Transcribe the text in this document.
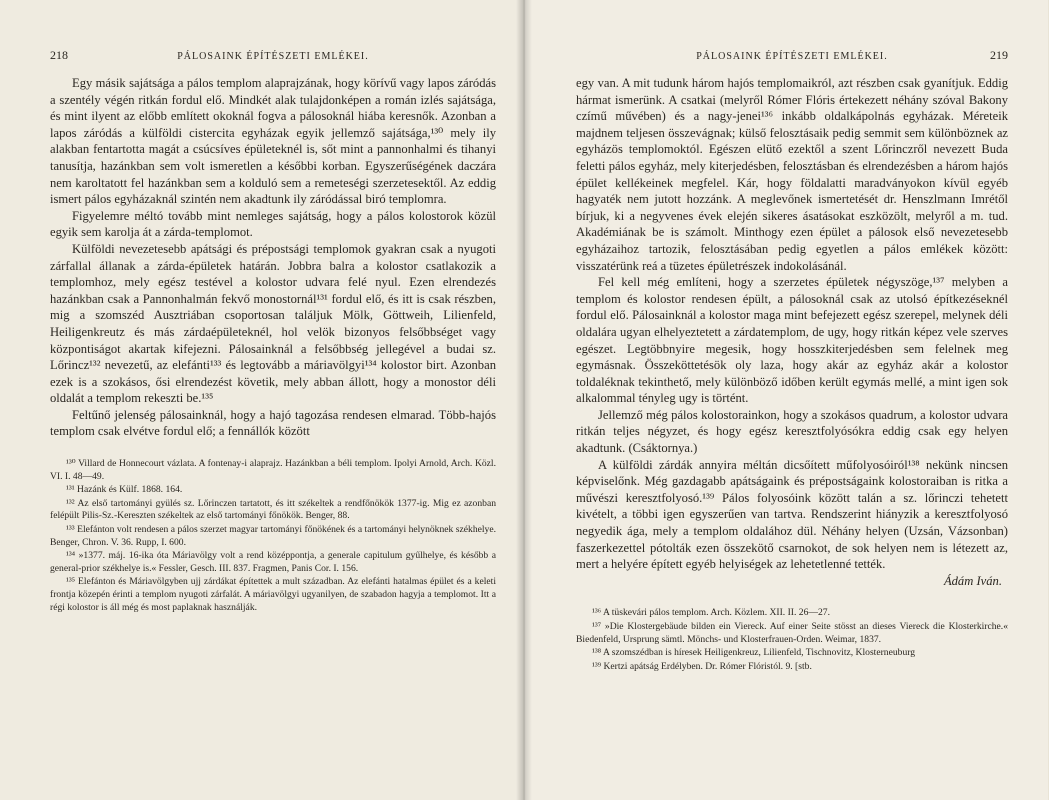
218	PÁLOSAINK ÉPÍTÉSZETI EMLÉKEI.

Egy másik sajátsága a pálos templom alaprajzának, hogy körívű vagy lapos záródás a szentély végén ritkán fordul elő. Mindkét alak tulajdonképen a román izlés sajátsága, és mint ilyent az előbb említett okoknál fogva a pálosoknál hiába keresnők. Azonban a lapos záródás a külföldi cistercita egyházak egyik jellemző sajátsága,¹³⁰ mely ily alakban fentartotta magát a csúcsíves épületeknél is, sőt mint a pannonhalmi és tihanyi tanusítja, hazánkban sem volt ismeretlen a későbbi korban. Egyszerűségének daczára nem karoltatott fel hazánkban sem a kolduló sem a remeteségi szerzetesektől. Az eddig ismert pálos egyházaknál szintén nem akadtunk ily záródással biró templomra.

Figyelemre méltó tovább mint nemleges sajátság, hogy a pálos kolostorok közül egyik sem karolja át a zárda-templomot.

Külföldi nevezetesebb apátsági és prépostsági templomok gyakran csak a nyugoti zárfallal állanak a zárda-épületek határán. Jobbra balra a kolostor csatlakozik a templomhoz, mely egész testével a kolostor udvara felé nyul. Ezen elrendezés hazánkban csak a Pannonhalmán fekvő monostornál¹³¹ fordul elő, és itt is csak részben, mig a szomszéd Ausztriában csoportosan találjuk Mölk, Göttweih, Lilienfeld, Heiligenkreutz és más zárdaépületeknél, hol velök bizonyos felsőbbséget vagy központiságot akartak kifejezni. Pálosainknál a felsőbbség jellegével a budai sz. Lőrincz¹³² nevezetű, az elefánti¹³³ és legtovább a máriavölgyi¹³⁴ kolostor birt. Azonban ezek is a szokásos, ősi elrendezést követik, mely abban állott, hogy a monostor déli oldalát a templom rekeszti be.¹³⁵

Feltűnő jelenség pálosainknál, hogy a hajó tagozása rendesen elmarad. Több-hajós templom csak elvétve fordul elő; a fennállók között

¹³⁰ Villard de Honnecourt vázlata. A fontenay-i alaprajz. Hazánkban a béli templom. Ipolyi Arnold, Arch. Közl. VI. I. 48—49.

¹³¹ Hazánk és Külf. 1868. 164.

¹³² Az első tartományi gyülés sz. Lőrinczen tartatott, és itt székeltek a rendfőnökök 1377-ig. Mig ez azonban felépült Pilis-Sz.-Kereszten székeltek az első tartományi főnökök. Benger, 88.

¹³³ Elefánton volt rendesen a pálos szerzet magyar tartományi főnökének és a tartományi helynöknek székhelye. Benger, Chron. V. 36. Rupp, I. 600.

¹³⁴ »1377. máj. 16-ika óta Máriavölgy volt a rend középpontja, a generale capitulum gyűlhelye, és később a general-prior székhelye is.« Fessler, Gesch. III. 837. Fragmen, Panis Cor. I. 156.

¹³⁵ Elefánton és Máriavölgyben ujj zárdákat építettek a mult században. Az elefánti hatalmas épület és a keleti frontja közepén érinti a templom nyugoti zárfalát. A máriavölgyi ugyanilyen, de szabadon hagyja a templomot. Itt a régi kolostor is áll még és most paplaknak használják.

PÁLOSAINK ÉPÍTÉSZETI EMLÉKEI.	219

egy van. A mit tudunk három hajós templomaikról, azt részben csak gyanítjuk. Eddig hármat ismerünk. A csatkai (melyről Rómer Flóris értekezett néhány szóval Bakony czímű művében) és a nagy-jenei¹³⁶ inkább oldalkápolnás egyházak. Méreteik majdnem teljesen összevágnak; külső felosztásaik pedig semmit sem különböznek az egyházös templomoktól. Egészen elütő ezektől a szent Lőrinczről nevezett Buda feletti pálos egyház, mely kiterjedésben, felosztásban és elrendezésben a három hajós épület kellékeinek megfelel. Kár, hogy földalatti maradványokon kívül egyéb hagyaték nem jutott hozzánk. A meglevőnek ismertetését dr. Henszlmann Imrétől bírjuk, ki a negyvenes évek elején sikeres ásatásokat eszközölt, melyről a m. tud. Akadémiának be is számolt. Minthogy ezen épület a pálosok első nevezetesebb egyházaihoz tartozik, felosztásában pedig egyetlen a pálos emlékek között: visszatérünk reá a tüzetes épületrészek indokolásánál.

Fel kell még említeni, hogy a szerzetes épületek négyszöge,¹³⁷ melyben a templom és kolostor rendesen épült, a pálosoknál csak az utolsó építkezéseknél fordul elő. Pálosainknál a kolostor maga mint befejezett egész szerepel, melynek déli oldalára ugyan elhelyeztetett a zárdatemplom, de ugy, hogy ritkán képez vele szerves egészet. Legtöbbnyire megesik, hogy hosszkiterjedésben sem felelnek meg egymásnak. Összeköttetésök oly laza, hogy akár az egyház akár a kolostor toldaléknak tekinthető, mely különböző időben került egymás mellé, a mint igen sok alkalommal tényleg ugy is történt.

Jellemző még pálos kolostorainkon, hogy a szokásos quadrum, a kolostor udvara ritkán teljes négyzet, és hogy egész keresztfolyósókra eddig csak egy helyen akadtunk. (Csáktornya.)

A külföldi zárdák annyira méltán dicsőített műfolyosóiról¹³⁸ nekünk nincsen képviselőnk. Még gazdagabb apátságaink és prépostságaink kolostoraiban is ritka a művészi keresztfolyosó.¹³⁹ Pálos folyosóink között talán a sz. lőrinczi tehetett kivételt, a többi igen egyszerűen van tartva. Rendszerint hiányzik a keresztfolyosó negyedik ága, mely a templom oldalához dül. Néhány helyen (Uzsán, Vázsonban) faszerkezettel pótolták ezen összekötő csarnokot, de sok helyen nem is létezett az, mert a helyére épített egyéb helyiségek az lehetetlenné tették.

Ádám Iván.

¹³⁶ A tüskevári pálos templom. Arch. Közlem. XII. II. 26—27.

¹³⁷ »Die Klostergebäude bilden ein Viereck. Auf einer Seite stösst an dieses Viereck die Klosterkirche.« Biedenfeld, Ursprung sämtl. Mönchs- und Klosterfrauen-Orden. Weimar, 1837.

¹³⁸ A szomszédban is híresek Heiligenkreuz, Lilienfeld, Tischnovitz, Klosterneuburg

¹³⁹ Kertzi apátság Erdélyben. Dr. Rómer Flóristól. 9. [stb.
